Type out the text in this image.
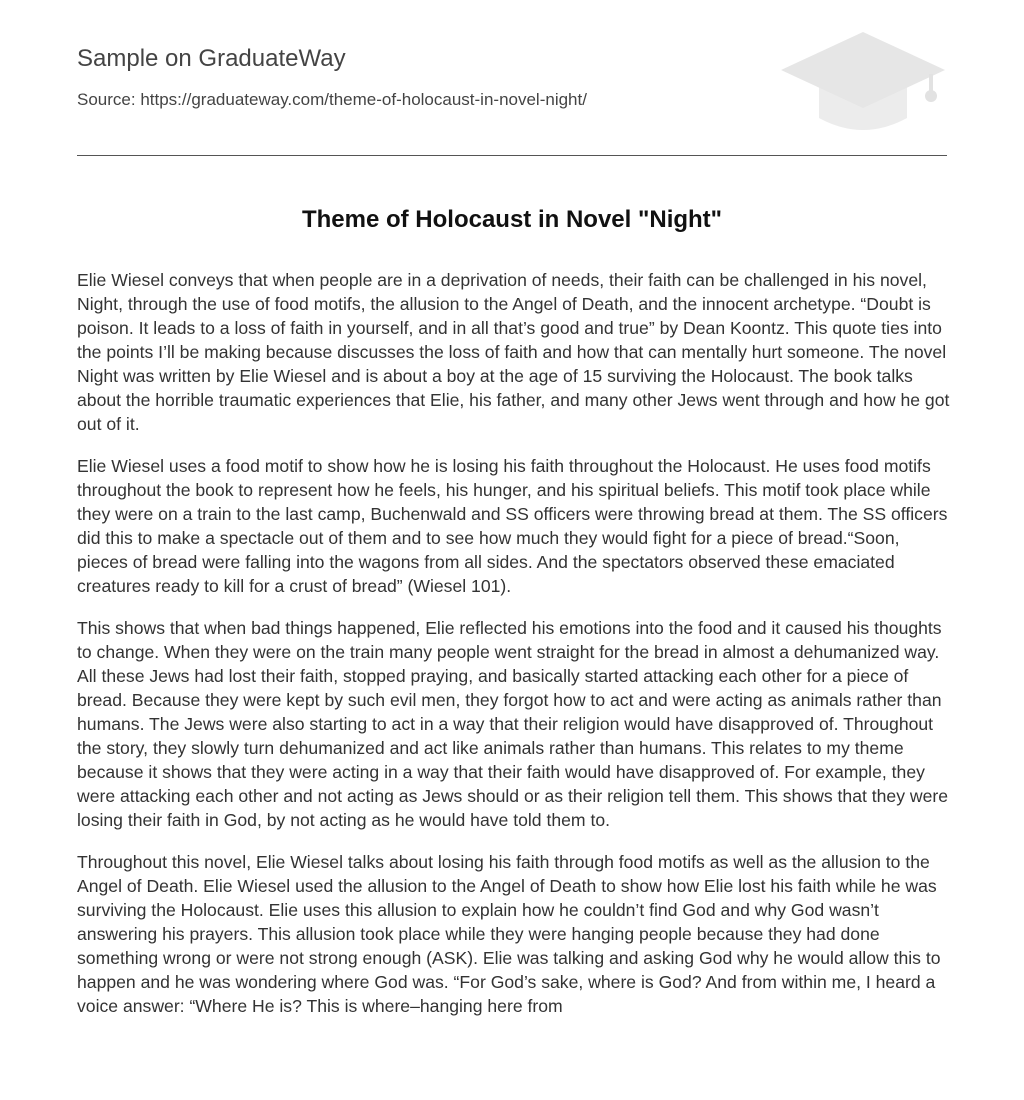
Sample on GraduateWay
Source: https://graduateway.com/theme-of-holocaust-in-novel-night/
Theme of Holocaust in Novel "Night"

Elie Wiesel conveys that when people are in a deprivation of needs, their faith can be challenged in his novel, Night, through the use of food motifs, the allusion to the Angel of Death, and the innocent archetype. “Doubt is poison. It leads to a loss of faith in yourself, and in all that’s good and true” by Dean Koontz. This quote ties into the points I’ll be making because discusses the loss of faith and how that can mentally hurt someone. The novel Night was written by Elie Wiesel and is about a boy at the age of 15 surviving the Holocaust. The book talks about the horrible traumatic experiences that Elie, his father, and many other Jews went through and how he got out of it.

Elie Wiesel uses a food motif to show how he is losing his faith throughout the Holocaust. He uses food motifs throughout the book to represent how he feels, his hunger, and his spiritual beliefs. This motif took place while they were on a train to the last camp, Buchenwald and SS officers were throwing bread at them. The SS officers did this to make a spectacle out of them and to see how much they would fight for a piece of bread.“Soon, pieces of bread were falling into the wagons from all sides. And the spectators observed these emaciated creatures ready to kill for a crust of bread” (Wiesel 101).

This shows that when bad things happened, Elie reflected his emotions into the food and it caused his thoughts to change. When they were on the train many people went straight for the bread in almost a dehumanized way. All these Jews had lost their faith, stopped praying, and basically started attacking each other for a piece of bread. Because they were kept by such evil men, they forgot how to act and were acting as animals rather than humans. The Jews were also starting to act in a way that their religion would have disapproved of. Throughout the story, they slowly turn dehumanized and act like animals rather than humans. This relates to my theme because it shows that they were acting in a way that their faith would have disapproved of. For example, they were attacking each other and not acting as Jews should or as their religion tell them. This shows that they were losing their faith in God, by not acting as he would have told them to.

Throughout this novel, Elie Wiesel talks about losing his faith through food motifs as well as the allusion to the Angel of Death. Elie Wiesel used the allusion to the Angel of Death to show how Elie lost his faith while he was surviving the Holocaust. Elie uses this allusion to explain how he couldn’t find God and why God wasn’t answering his prayers. This allusion took place while they were hanging people because they had done something wrong or were not strong enough (ASK). Elie was talking and asking God why he would allow this to happen and he was wondering where God was. “For God’s sake, where is God? And from within me, I heard a voice answer: “Where He is? This is where–hanging here from
